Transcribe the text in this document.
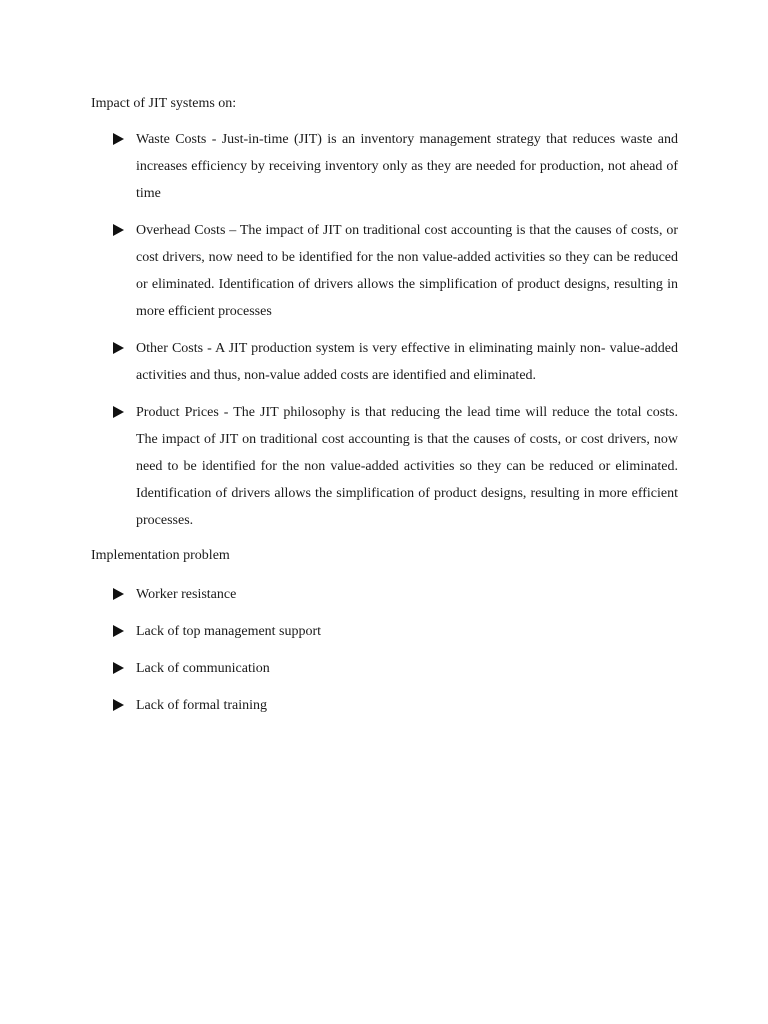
Impact of JIT systems on:

Waste Costs - Just-in-time (JIT) is an inventory management strategy that reduces waste and increases efficiency by receiving inventory only as they are needed for production, not ahead of time
Overhead Costs – The impact of JIT on traditional cost accounting is that the causes of costs, or cost drivers, now need to be identified for the non value-added activities so they can be reduced or eliminated. Identification of drivers allows the simplification of product designs, resulting in more efficient processes
Other Costs - A JIT production system is very effective in eliminating mainly non- value-added activities and thus, non-value added costs are identified and eliminated.
Product Prices - The JIT philosophy is that reducing the lead time will reduce the total costs. The impact of JIT on traditional cost accounting is that the causes of costs, or cost drivers, now need to be identified for the non value-added activities so they can be reduced or eliminated. Identification of drivers allows the simplification of product designs, resulting in more efficient processes.

Implementation problem

Worker resistance
Lack of top management support
Lack of communication
Lack of formal training
